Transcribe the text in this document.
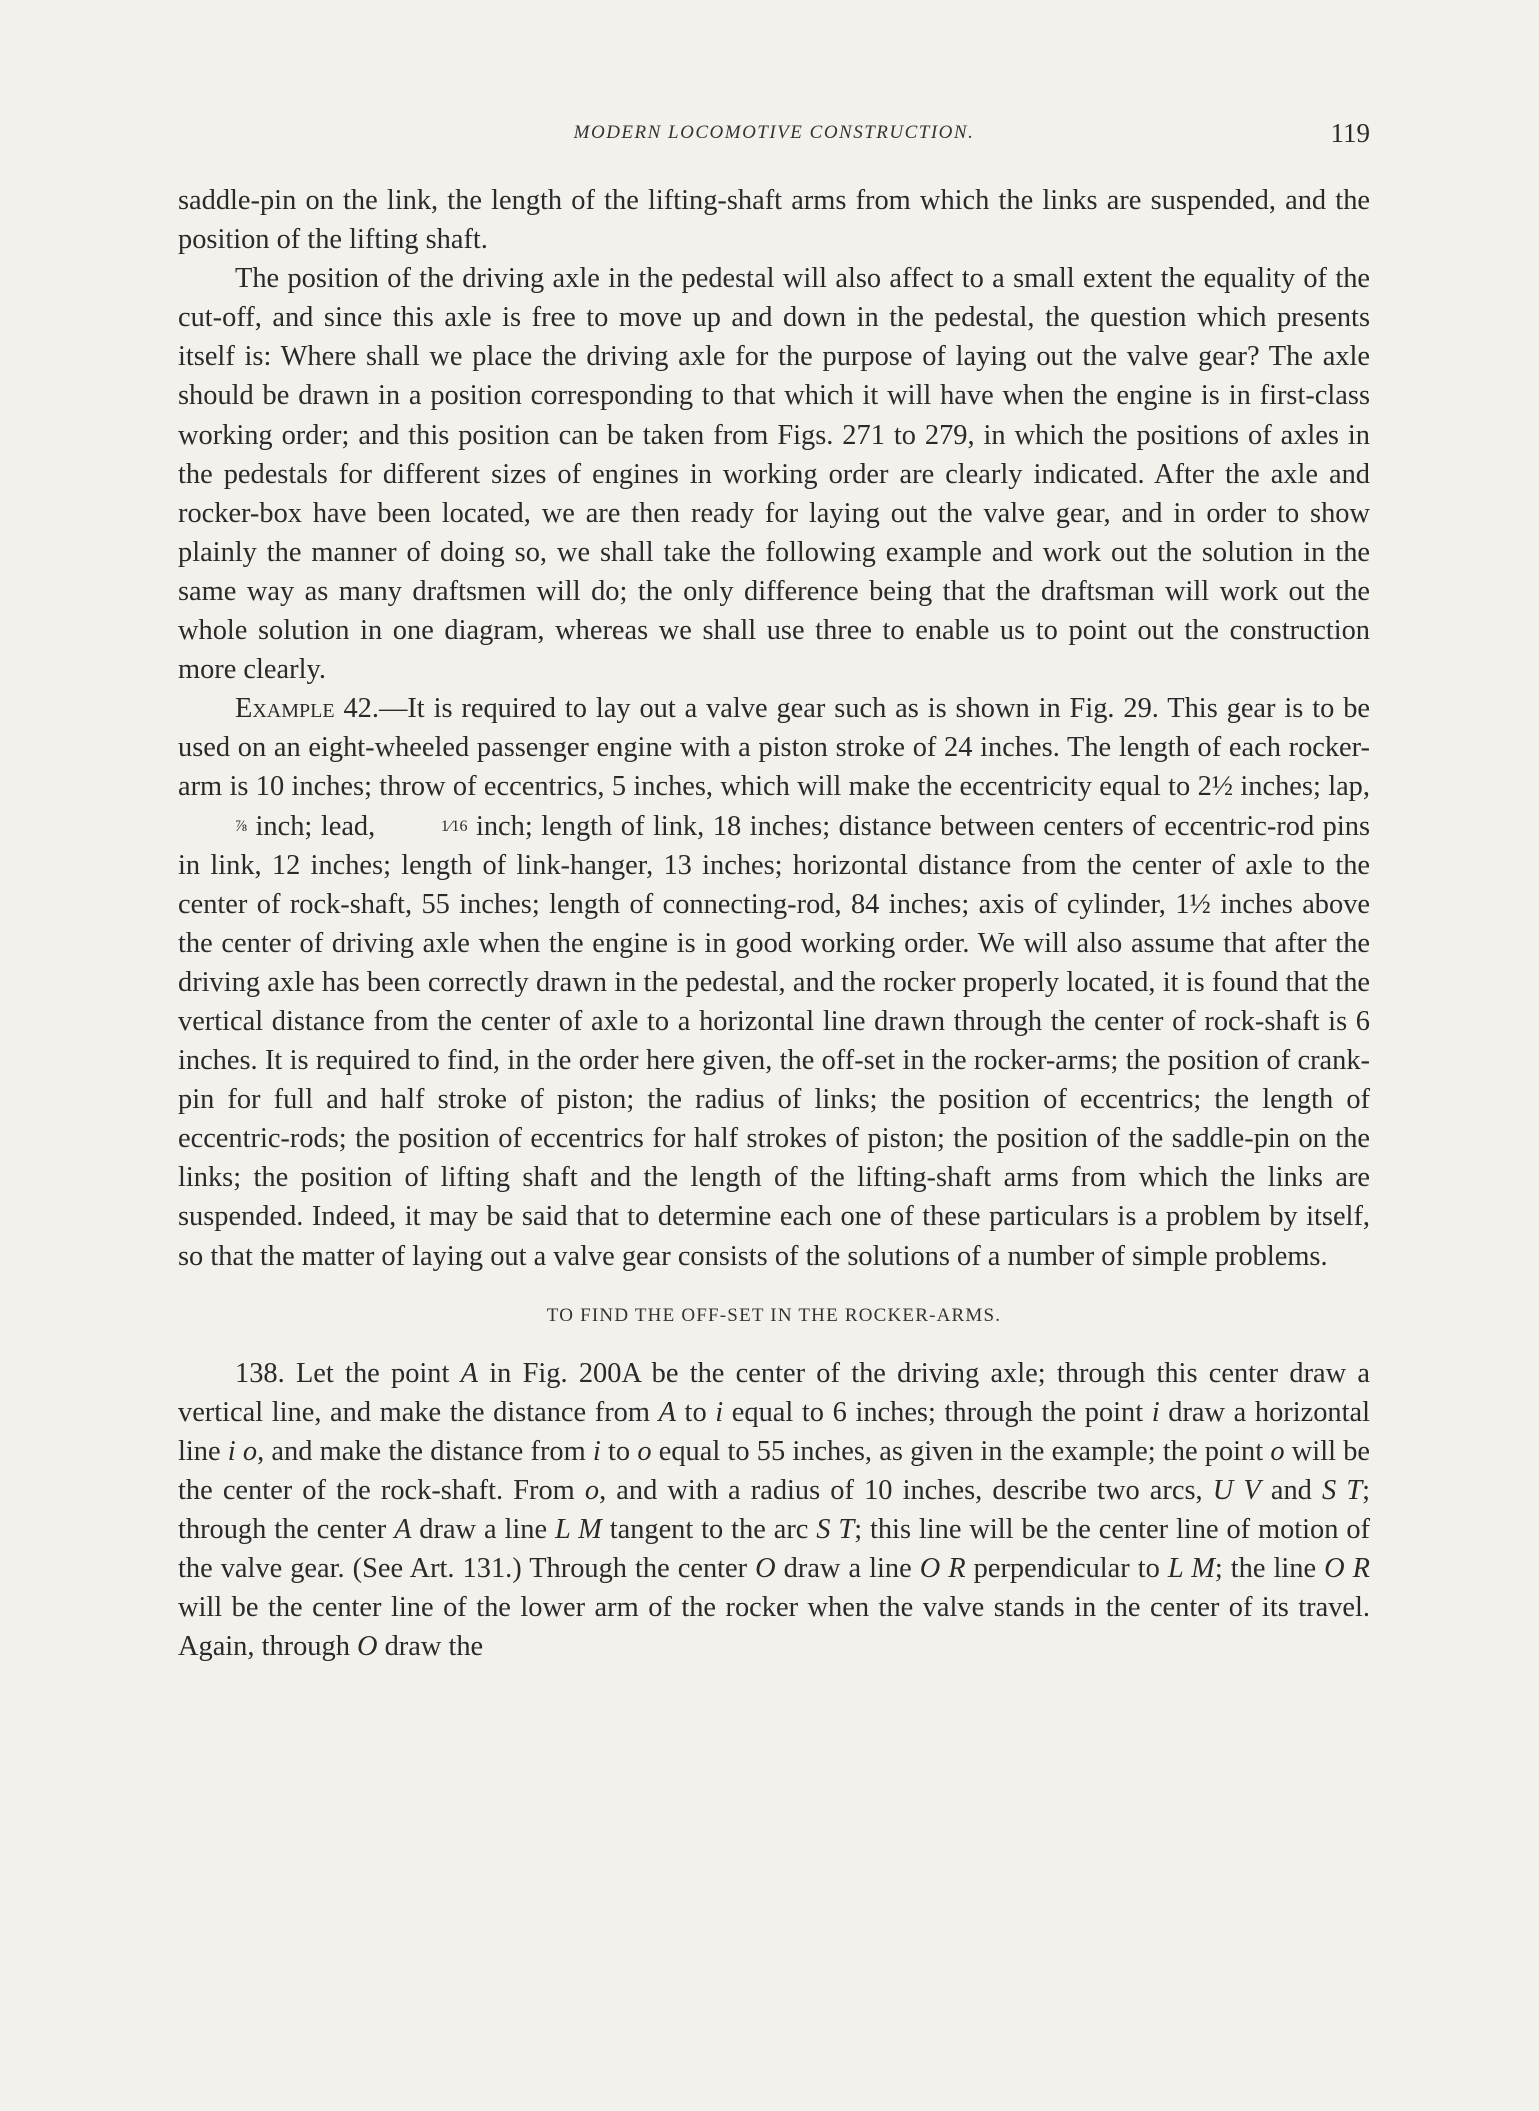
MODERN LOCOMOTIVE CONSTRUCTION.	119

saddle-pin on the link, the length of the lifting-shaft arms from which the links are suspended, and the position of the lifting shaft.

The position of the driving axle in the pedestal will also affect to a small extent the equality of the cut-off, and since this axle is free to move up and down in the pedestal, the question which presents itself is: Where shall we place the driving axle for the purpose of laying out the valve gear? The axle should be drawn in a position corresponding to that which it will have when the engine is in first-class working order; and this position can be taken from Figs. 271 to 279, in which the positions of axles in the pedestals for different sizes of engines in working order are clearly indicated. After the axle and rocker-box have been located, we are then ready for laying out the valve gear, and in order to show plainly the manner of doing so, we shall take the following example and work out the solution in the same way as many draftsmen will do; the only difference being that the draftsman will work out the whole solution in one diagram, whereas we shall use three to enable us to point out the construction more clearly.

Example 42.—It is required to lay out a valve gear such as is shown in Fig. 29. This gear is to be used on an eight-wheeled passenger engine with a piston stroke of 24 inches. The length of each rocker-arm is 10 inches; throw of eccentrics, 5 inches, which will make the eccentricity equal to 2½ inches; lap, ⅞ inch; lead,	1⁄16 inch; length of link, 18 inches; distance between centers of eccentric-rod pins in link, 12 inches; length of link-hanger, 13 inches; horizontal distance from the center of axle to the center of rock-shaft, 55 inches; length of connecting-rod, 84 inches; axis of cylinder, 1½ inches above the center of driving axle when the engine is in good working order. We will also assume that after the driving axle has been correctly drawn in the pedestal, and the rocker properly located, it is found that the vertical distance from the center of axle to a horizontal line drawn through the center of rock-shaft is 6 inches. It is required to find, in the order here given, the off-set in the rocker-arms; the position of crank-pin for full and half stroke of piston; the radius of links; the position of eccentrics; the length of eccentric-rods; the position of eccentrics for half strokes of piston; the position of the saddle-pin on the links; the position of lifting shaft and the length of the lifting-shaft arms from which the links are suspended. Indeed, it may be said that to determine each one of these particulars is a problem by itself, so that the matter of laying out a valve gear consists of the solutions of a number of simple problems.

TO FIND THE OFF-SET IN THE ROCKER-ARMS.

138. Let the point A in Fig. 200A be the center of the driving axle; through this center draw a vertical line, and make the distance from A to i equal to 6 inches; through the point i draw a horizontal line i o, and make the distance from i to o equal to 55 inches, as given in the example; the point o will be the center of the rock-shaft. From o, and with a radius of 10 inches, describe two arcs, U V and S T; through the center A draw a line L M tangent to the arc S T; this line will be the center line of motion of the valve gear. (See Art. 131.) Through the center O draw a line O R perpendicular to L M; the line O R will be the center line of the lower arm of the rocker when the valve stands in the center of its travel. Again, through O draw the
